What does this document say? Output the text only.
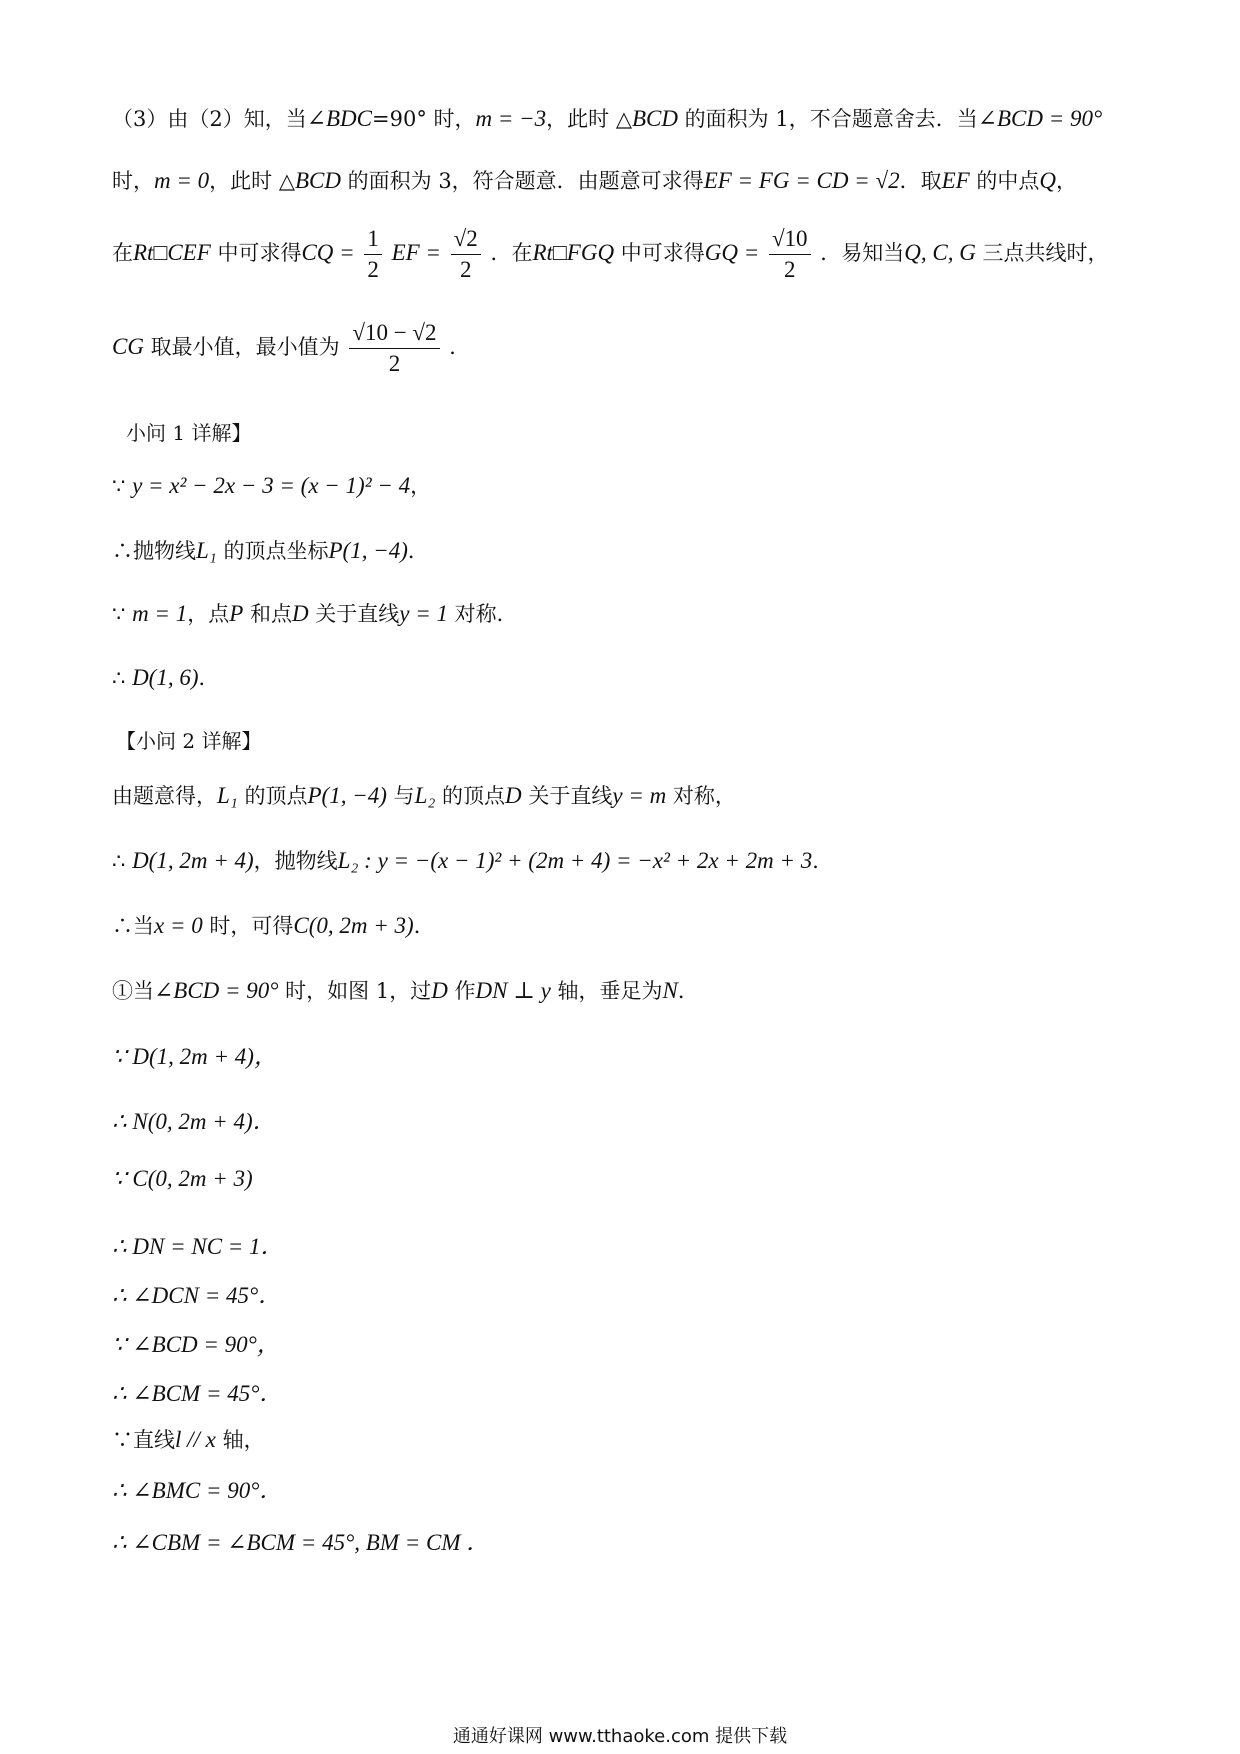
（3）由（2）知，当∠BDC=90° 时，m = −3，此时 △BCD 的面积为 1，不合题意舍去．当∠BCD = 90°
时，m = 0，此时 △BCD 的面积为 3，符合题意．由题意可求得EF = FG = CD = √2．取EF 的中点Q，
在Rt□CEF 中可求得CQ = $\frac{1}{2}$ EF = $\frac{√2}{2}$ ．在Rt□FGQ 中可求得GQ = $\frac{√10}{2}$ ．易知当Q, C, G 三点共线时，
CG 取最小值，最小值为 $\frac{√10 - √2}{2}$ ．
小问 1 详解】
∵ y = x² − 2x − 3 = (x − 1)² − 4，
∴抛物线L₁ 的顶点坐标P(1, −4)．
∵ m = 1，点P 和点D 关于直线y = 1 对称．
∴ D(1, 6)．
【小问 2 详解】
由题意得，L₁ 的顶点P(1, −4) 与L₂ 的顶点D 关于直线y = m 对称，
∴ D(1, 2m + 4)，抛物线L₂ : y = −(x − 1)² + (2m + 4) = −x² + 2x + 2m + 3．
∴当x = 0 时，可得C(0, 2m + 3)．
①当∠BCD = 90° 时，如图 1，过D 作DN ⊥ y 轴，垂足为N．
∵ D(1, 2m + 4)，
∴ N(0, 2m + 4)．
∵ C(0, 2m + 3)
∴ DN = NC = 1．
∴ ∠DCN = 45°．
∵ ∠BCD = 90°，
∴ ∠BCM = 45°．
∵直线l // x 轴，
∴ ∠BMC = 90°．
∴ ∠CBM = ∠BCM = 45°, BM = CM ．
通通好课网 www.tthaoke.com 提供下载
